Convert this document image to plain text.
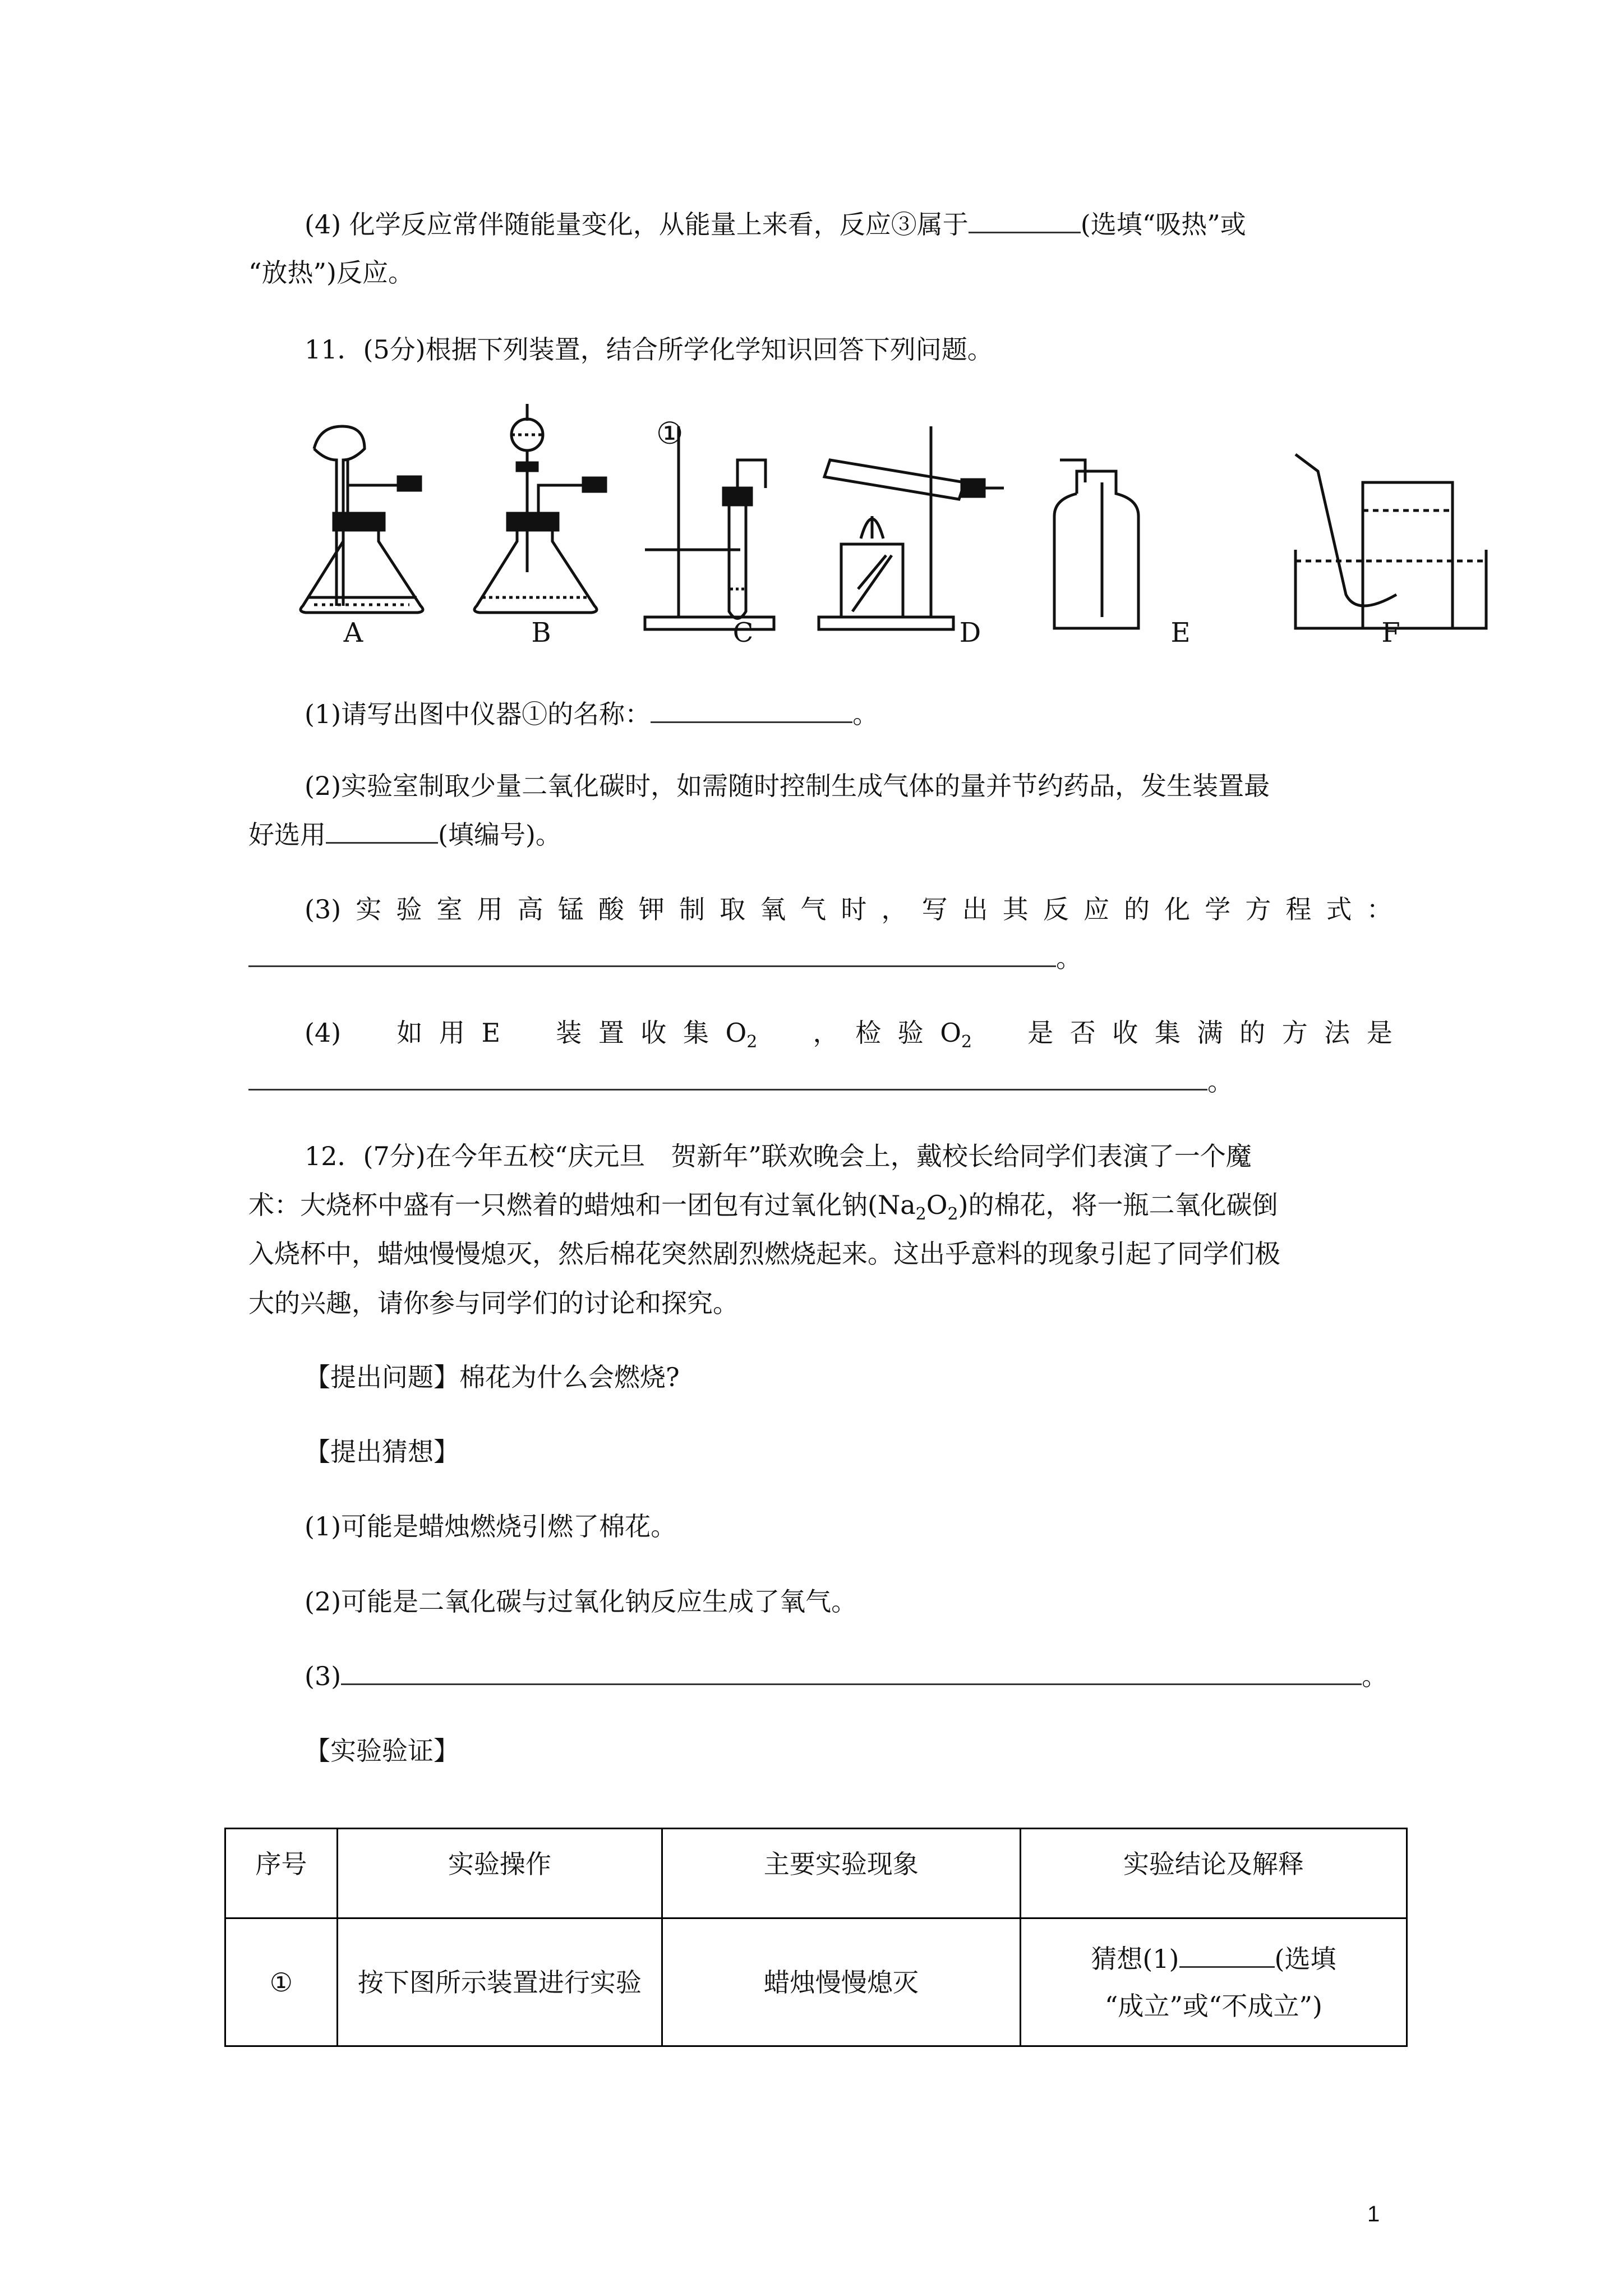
(4) 化学反应常伴随能量变化，从能量上来看，反应③属于	(选填“吸热”或
“放热”)反应。
11．(5分)根据下列装置，结合所学化学知识回答下列问题。
①
A	B	C	D	E	F
(1)请写出图中仪器①的名称：	。
(2)实验室制取少量二氧化碳时，如需随时控制生成气体的量并节约药品，发生装置最
好选用	(填编号)。
(3) 实 验 室 用 高 锰 酸 钾 制 取 氧 气 时 ， 写 出 其 反 应 的 化 学 方 程 式 ：
。
(4) 如 用 E 装 置 收 集 $O_2$ ， 检 验 $O_2$ 是 否 收 集 满 的 方 法 是
。
12．(7分)在今年五校“庆元旦　贺新年”联欢晚会上，戴校长给同学们表演了一个魔
术：大烧杯中盛有一只燃着的蜡烛和一团包有过氧化钠$(Na_2O_2)$的棉花，将一瓶二氧化碳倒
入烧杯中，蜡烛慢慢熄灭，然后棉花突然剧烈燃烧起来。这出乎意料的现象引起了同学们极
大的兴趣，请你参与同学们的讨论和探究。
【提出问题】棉花为什么会燃烧?
【提出猜想】
(1)可能是蜡烛燃烧引燃了棉花。
(2)可能是二氧化碳与过氧化钠反应生成了氧气。
(3)	。
【实验验证】
序号	实验操作	主要实验现象	实验结论及解释
①	按下图所示装置进行实验	蜡烛慢慢熄灭	猜想(1) (选填
“成立”或“不成立”)
1
